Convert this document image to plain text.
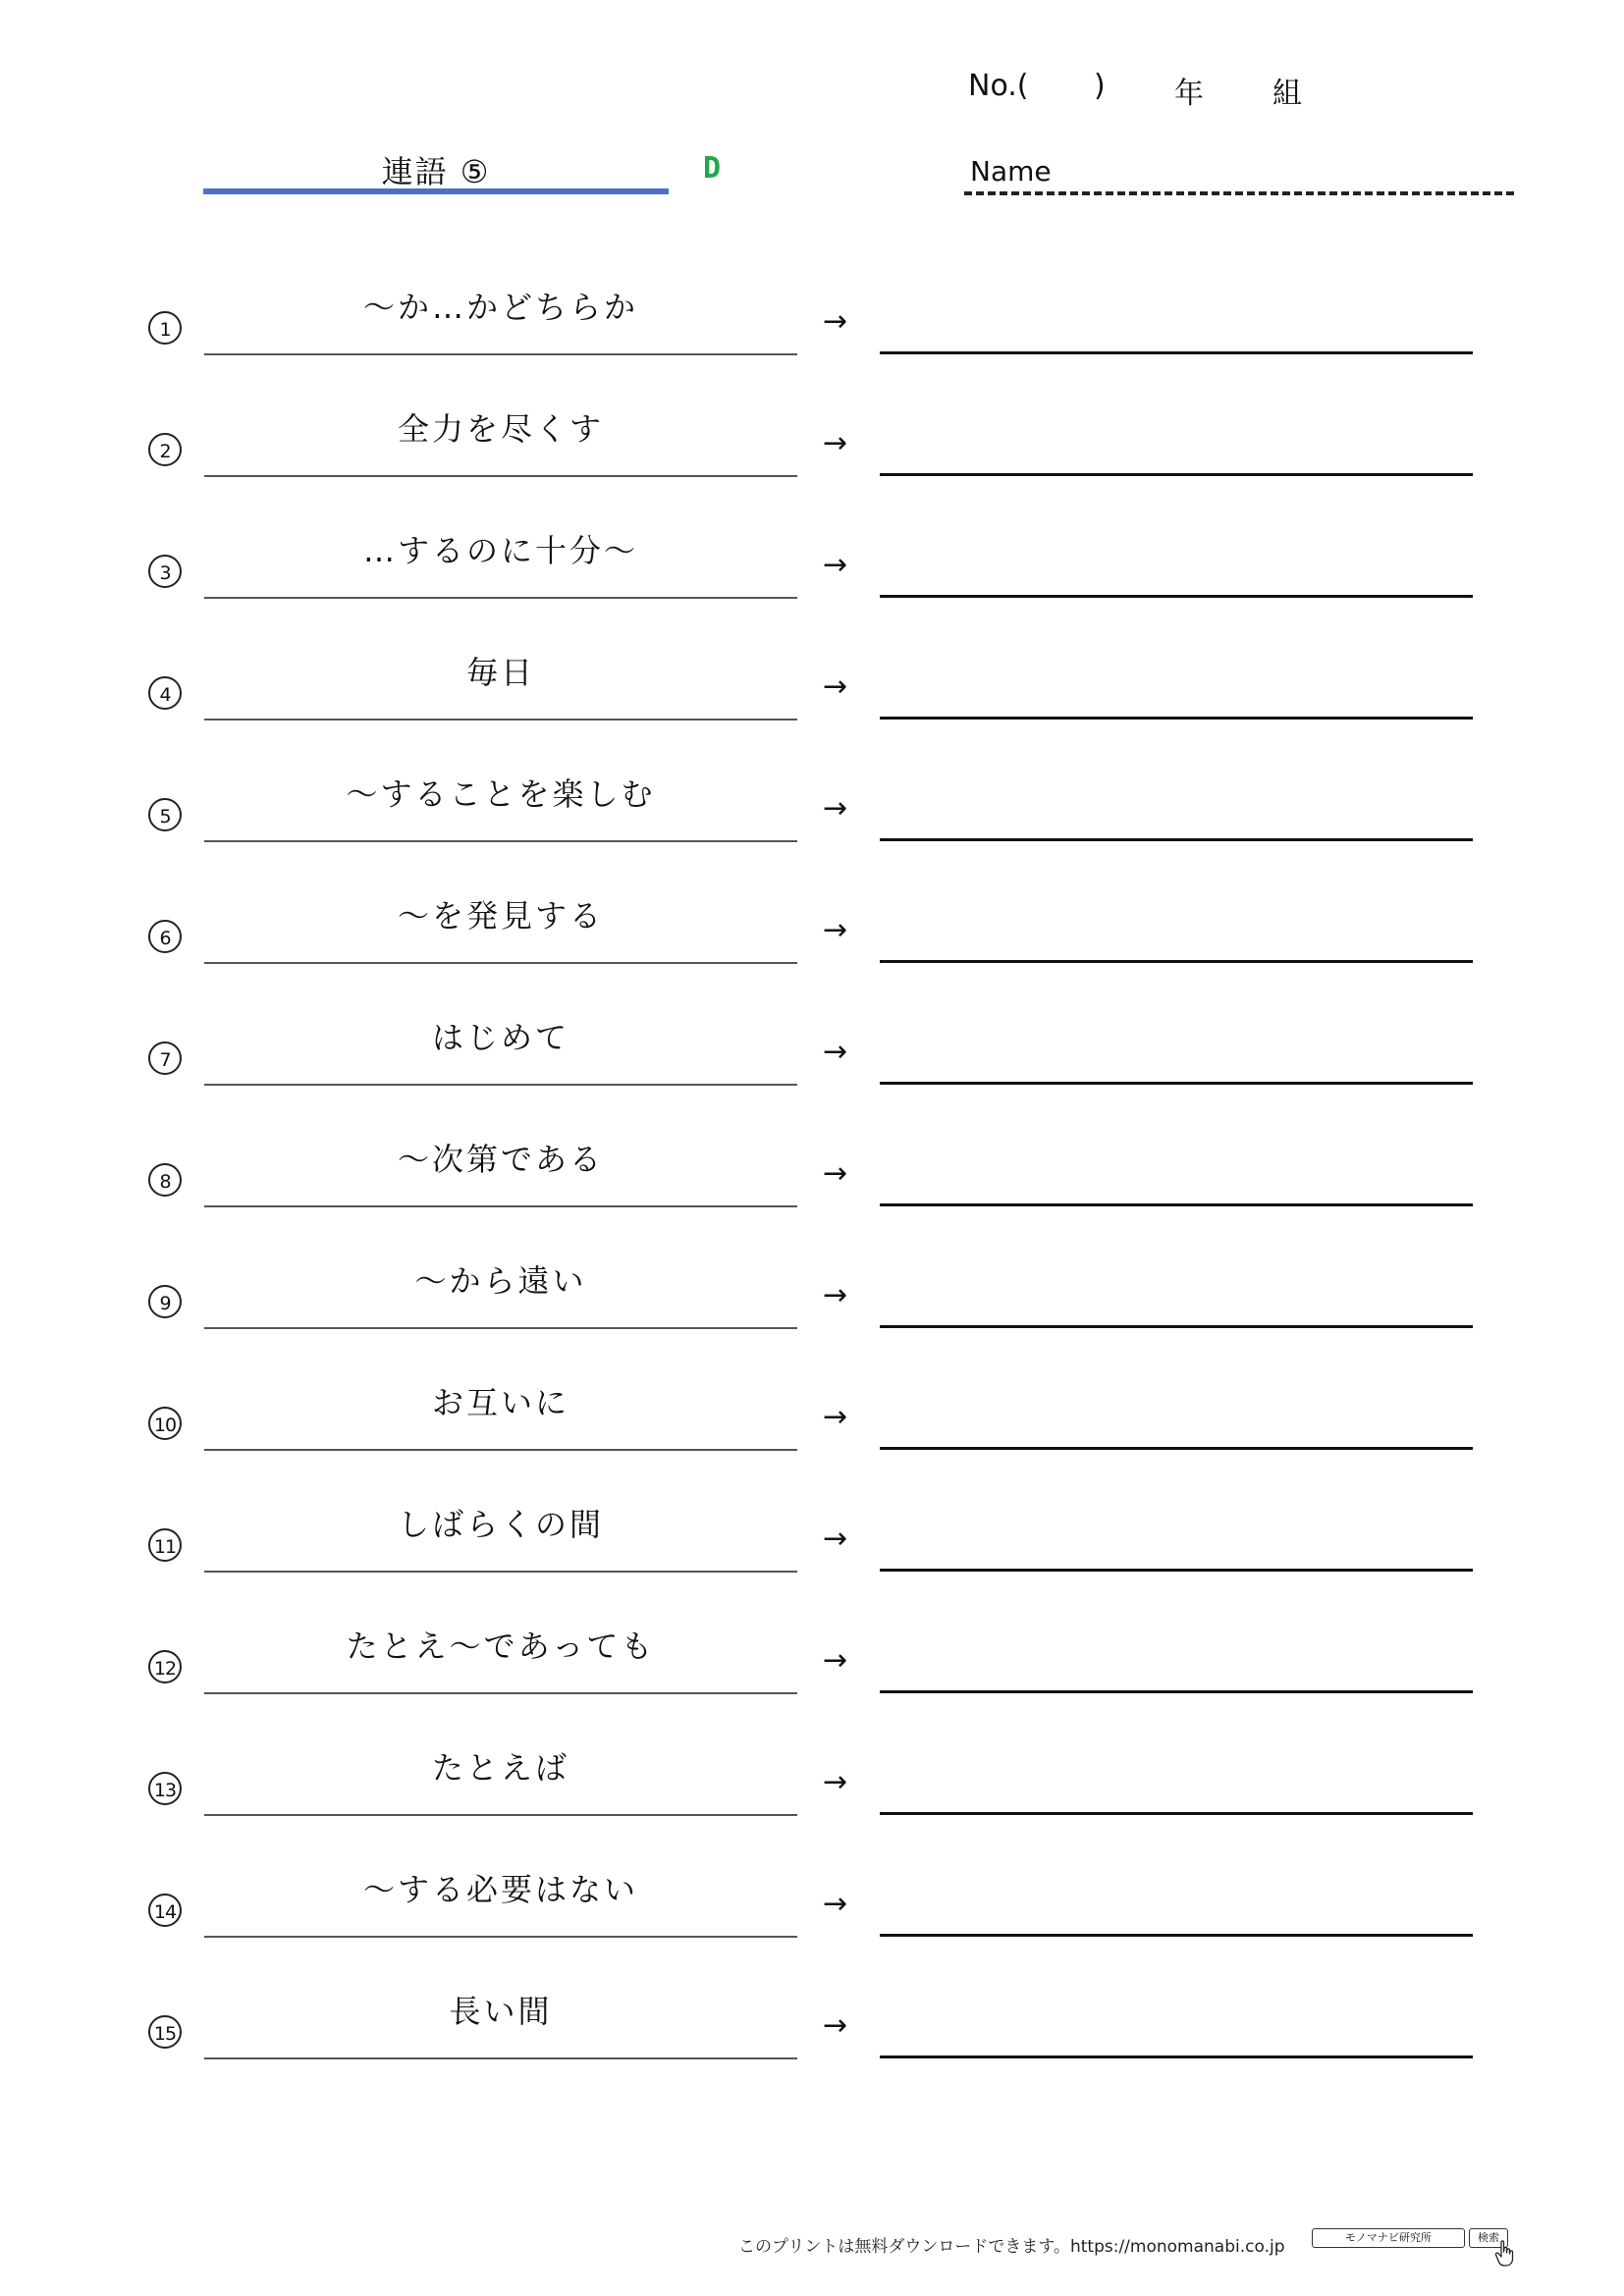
No.( ) 年 組
連語 ⑤	D	Name
1
～か…かどちらか	→
2
全力を尽くす	→
3
…するのに十分～	→
4
毎日	→
5
～することを楽しむ	→
6
～を発見する	→
7
はじめて	→
8
～次第である	→
9
～から遠い	→
10
お互いに	→
11
しばらくの間	→
12
たとえ～であっても	→
13
たとえば	→
14
～する必要はない	→
15
長い間	→
このプリントは無料ダウンロードできます。https://monomanabi.co.jp	モノマナビ研究所	検索
